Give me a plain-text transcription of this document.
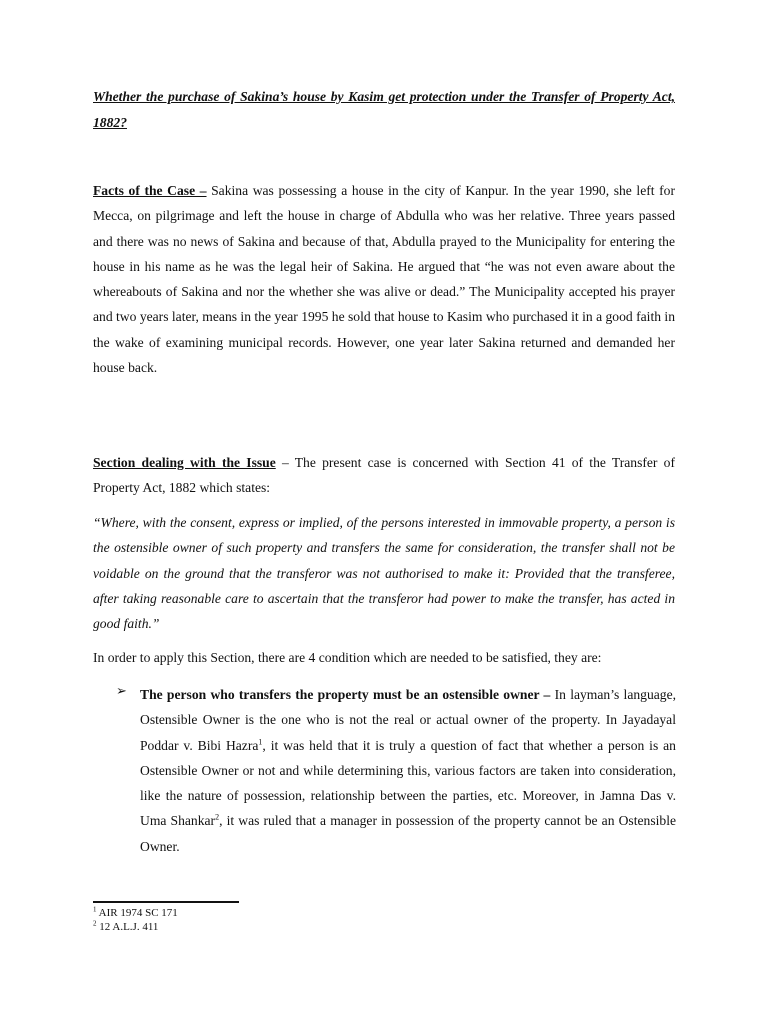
Whether the purchase of Sakina’s house by Kasim get protection under the Transfer of Property Act, 1882?
Facts of the Case – Sakina was possessing a house in the city of Kanpur. In the year 1990, she left for Mecca, on pilgrimage and left the house in charge of Abdulla who was her relative. Three years passed and there was no news of Sakina and because of that, Abdulla prayed to the Municipality for entering the house in his name as he was the legal heir of Sakina. He argued that “he was not even aware about the whereabouts of Sakina and nor the whether she was alive or dead.” The Municipality accepted his prayer and two years later, means in the year 1995 he sold that house to Kasim who purchased it in a good faith in the wake of examining municipal records. However, one year later Sakina returned and demanded her house back.
Section dealing with the Issue – The present case is concerned with Section 41 of the Transfer of Property Act, 1882 which states:
“Where, with the consent, express or implied, of the persons interested in immovable property, a person is the ostensible owner of such property and transfers the same for consideration, the transfer shall not be voidable on the ground that the transferor was not authorised to make it: Provided that the transferee, after taking reasonable care to ascertain that the transferor had power to make the transfer, has acted in good faith.”
In order to apply this Section, there are 4 condition which are needed to be satisfied, they are:
➢ The person who transfers the property must be an ostensible owner – In layman’s language, Ostensible Owner is the one who is not the real or actual owner of the property. In Jayadayal Poddar v. Bibi Hazra$^1$, it was held that it is truly a question of fact that whether a person is an Ostensible Owner or not and while determining this, various factors are taken into consideration, like the nature of possession, relationship between the parties, etc. Moreover, in Jamna Das v. Uma Shankar$^2$, it was ruled that a manager in possession of the property cannot be an Ostensible Owner.
$^1$ AIR 1974 SC 171
$^2$ 12 A.L.J. 411
